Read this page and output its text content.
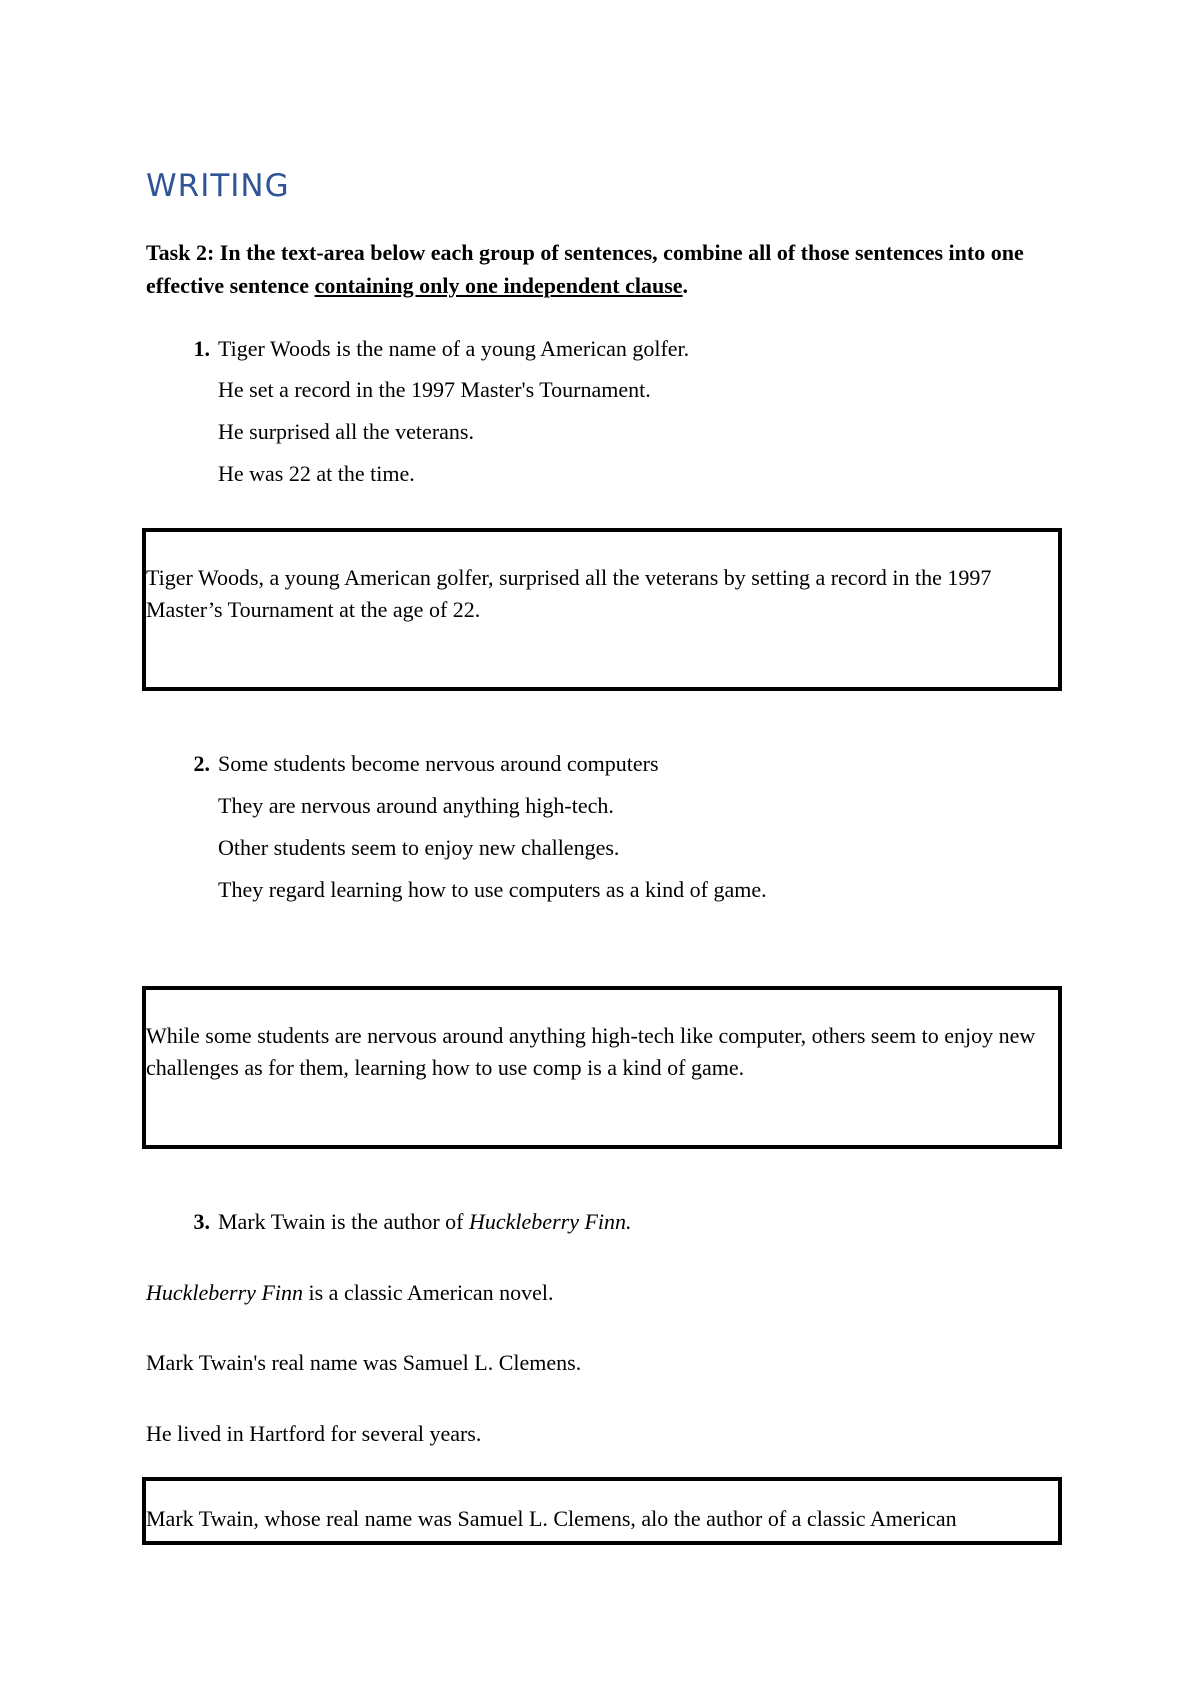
WRITING

Task 2: In the text-area below each group of sentences, combine all of those sentences into one effective sentence containing only one independent clause.

1. Tiger Woods is the name of a young American golfer.

He set a record in the 1997 Master's Tournament.

He surprised all the veterans.

He was 22 at the time.

Tiger Woods, a young American golfer, surprised all the veterans by setting a record in the 1997 Master’s Tournament at the age of 22.

2. Some students become nervous around computers

They are nervous around anything high-tech.

Other students seem to enjoy new challenges.

They regard learning how to use computers as a kind of game.

While some students are nervous around anything high-tech like computer, others seem to enjoy new challenges as for them, learning how to use comp is a kind of game.

3. Mark Twain is the author of Huckleberry Finn.

Huckleberry Finn is a classic American novel.

Mark Twain's real name was Samuel L. Clemens.

He lived in Hartford for several years.

Mark Twain, whose real name was Samuel L. Clemens, alo the author of a classic American
